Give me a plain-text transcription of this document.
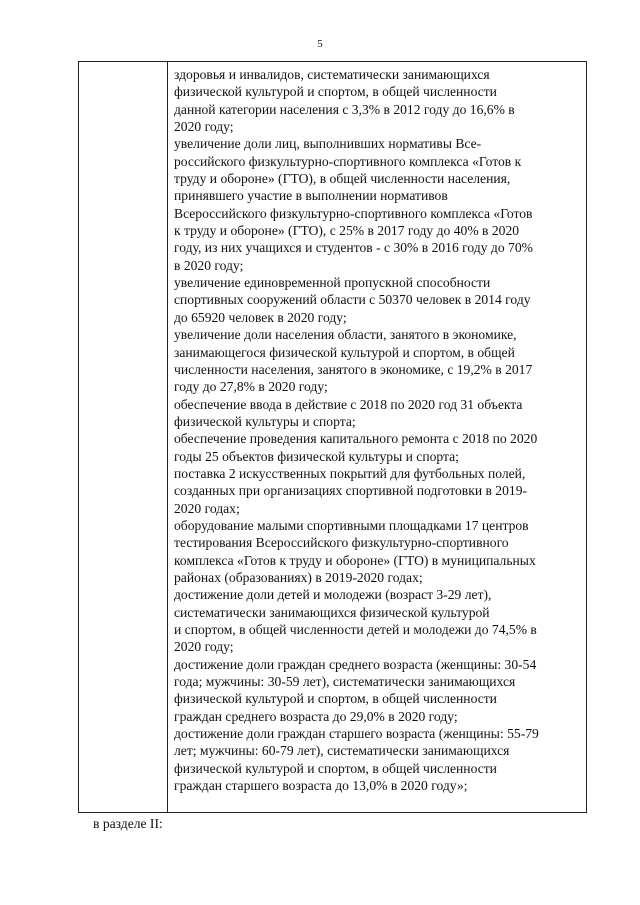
5
здоровья и инвалидов, систематически занимающихся
физической культурой и спортом, в общей численности
данной категории населения с 3,3% в 2012 году до 16,6% в
2020 году;
увеличение доли лиц, выполнивших нормативы Все-
российского физкультурно-спортивного комплекса «Готов к
труду и обороне» (ГТО), в общей численности населения,
принявшего участие в выполнении нормативов
Всероссийского физкультурно-спортивного комплекса «Готов
к труду и обороне» (ГТО), с 25% в 2017 году до 40% в 2020
году, из них учащихся и студентов - с 30% в 2016 году до 70%
в 2020 году;
увеличение единовременной пропускной способности
спортивных сооружений области с 50370 человек в 2014 году
до 65920 человек в 2020 году;
увеличение доли населения области, занятого в экономике,
занимающегося физической культурой и спортом, в общей
численности населения, занятого в экономике, с 19,2% в 2017
году до 27,8% в 2020 году;
обеспечение ввода в действие с 2018 по 2020 год 31 объекта
физической культуры и спорта;
обеспечение проведения капитального ремонта с 2018 по 2020
годы 25 объектов физической культуры и спорта;
поставка 2 искусственных покрытий для футбольных полей,
созданных при организациях спортивной подготовки в 2019-
2020 годах;
оборудование малыми спортивными площадками 17 центров
тестирования Всероссийского физкультурно-спортивного
комплекса «Готов к труду и обороне» (ГТО) в муниципальных
районах (образованиях) в 2019-2020 годах;
достижение доли детей и молодежи (возраст 3-29 лет),
систематически занимающихся физической культурой
и спортом, в общей численности детей и молодежи до 74,5% в
2020 году;
достижение доли граждан среднего возраста (женщины: 30-54
года; мужчины: 30-59 лет), систематически занимающихся
физической культурой и спортом, в общей численности
граждан среднего возраста до 29,0% в 2020 году;
достижение доли граждан старшего возраста (женщины: 55-79
лет; мужчины: 60-79 лет), систематически занимающихся
физической культурой и спортом, в общей численности
граждан старшего возраста до 13,0% в 2020 году»;
в разделе II:
